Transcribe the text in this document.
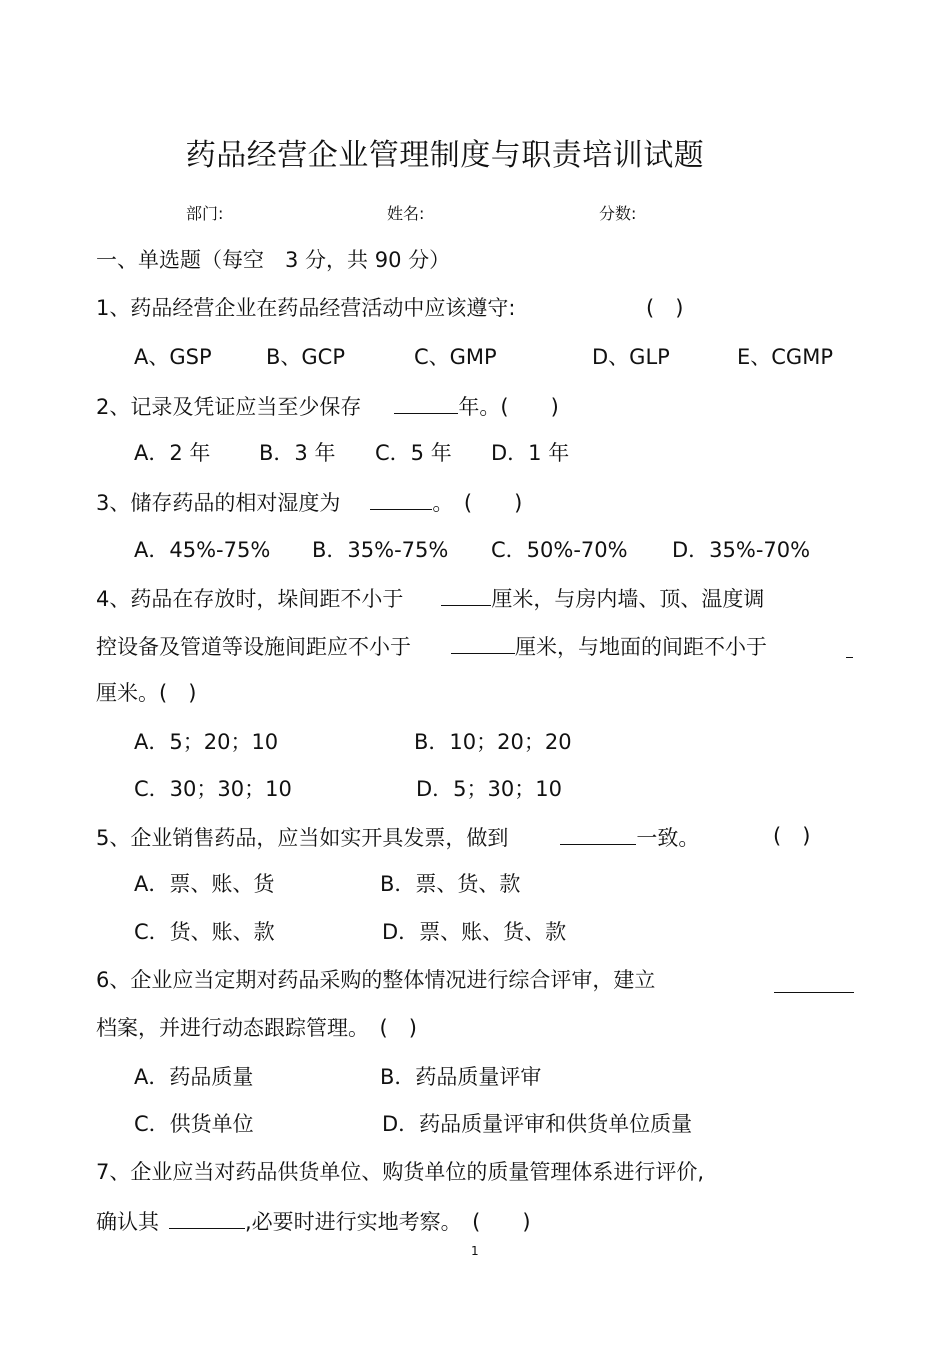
药品经营企业管理制度与职责培训试题
部门:	姓名:	分数:
一、单选题（每空　3 分，共 90 分）
1、药品经营企业在药品经营活动中应该遵守:	(　)
A、GSP	B、GCP	C、GMP	D、GLP	E、CGMP
2、记录及凭证应当至少保存	年。(　　)
A．2 年 B．3 年 C．5 年 D．1 年
3、储存药品的相对湿度为	。　(　　)
A．45%-75% B．35%-75% C．50%-70% D．35%-70%
4、药品在存放时，垛间距不小于	厘米，与房内墙、顶、温度调
控设备及管道等设施间距应不小于	厘米，与地面的间距不小于
厘米。(　)
A．5；20；10	B．10；20；20
C．30；30；10	D．5；30；10
5、企业销售药品，应当如实开具发票，做到	一致。	(　)
A．票、账、货	B．票、货、款
C．货、账、款	D．票、账、货、款
6、企业应当定期对药品采购的整体情况进行综合评审，建立
档案，并进行动态跟踪管理。　(　)
A．药品质量	B．药品质量评审
C．供货单位	D．药品质量评审和供货单位质量
7、企业应当对药品供货单位、购货单位的质量管理体系进行评价,
确认其	,必要时进行实地考察。　(　　)
1
